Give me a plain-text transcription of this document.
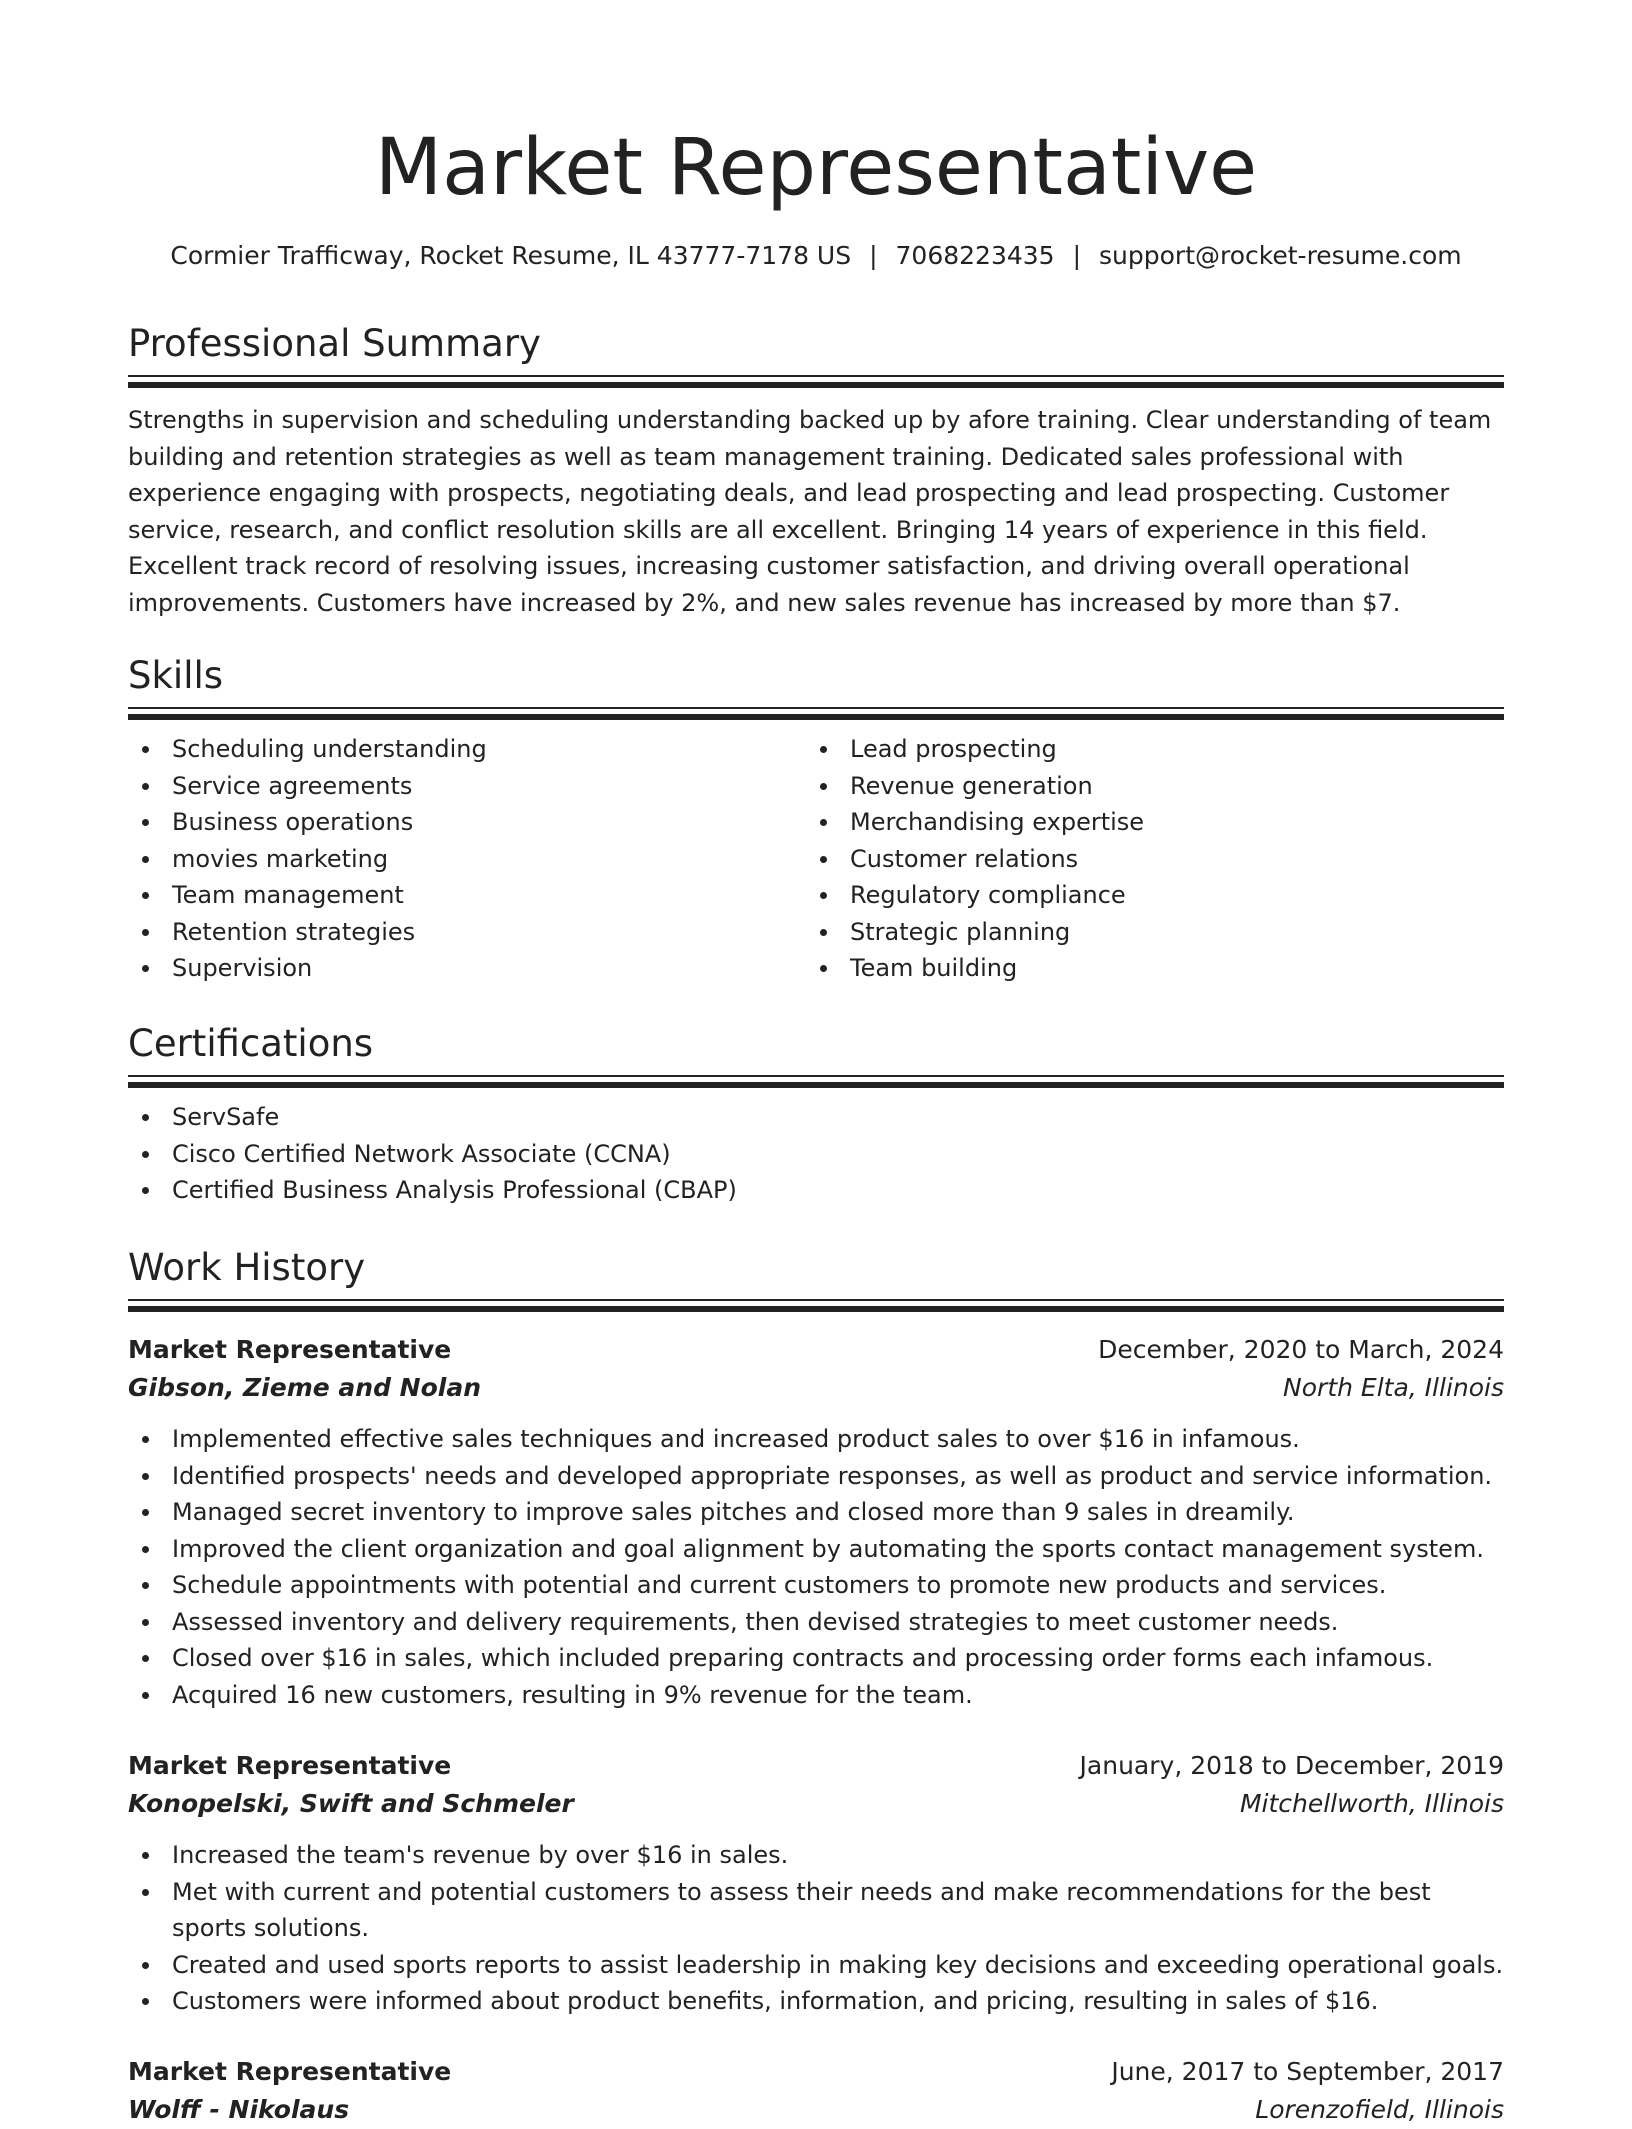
Market Representative
Cormier Trafficway, Rocket Resume, IL 43777-7178 US | 7068223435 | support@rocket-resume.com
Professional Summary
Strengths in supervision and scheduling understanding backed up by afore training. Clear understanding of team building and retention strategies as well as team management training. Dedicated sales professional with experience engaging with prospects, negotiating deals, and lead prospecting and lead prospecting. Customer service, research, and conflict resolution skills are all excellent. Bringing 14 years of experience in this field. Excellent track record of resolving issues, increasing customer satisfaction, and driving overall operational improvements. Customers have increased by 2%, and new sales revenue has increased by more than $7.
Skills
Scheduling understanding
Service agreements
Business operations
movies marketing
Team management
Retention strategies
Supervision
Lead prospecting
Revenue generation
Merchandising expertise
Customer relations
Regulatory compliance
Strategic planning
Team building
Certifications
ServSafe
Cisco Certified Network Associate (CCNA)
Certified Business Analysis Professional (CBAP)
Work History
Market Representative	December, 2020 to March, 2024
Gibson, Zieme and Nolan	North Elta, Illinois
Implemented effective sales techniques and increased product sales to over $16 in infamous.
Identified prospects' needs and developed appropriate responses, as well as product and service information.
Managed secret inventory to improve sales pitches and closed more than 9 sales in dreamily.
Improved the client organization and goal alignment by automating the sports contact management system.
Schedule appointments with potential and current customers to promote new products and services.
Assessed inventory and delivery requirements, then devised strategies to meet customer needs.
Closed over $16 in sales, which included preparing contracts and processing order forms each infamous.
Acquired 16 new customers, resulting in 9% revenue for the team.
Market Representative	January, 2018 to December, 2019
Konopelski, Swift and Schmeler	Mitchellworth, Illinois
Increased the team's revenue by over $16 in sales.
Met with current and potential customers to assess their needs and make recommendations for the best sports solutions.
Created and used sports reports to assist leadership in making key decisions and exceeding operational goals.
Customers were informed about product benefits, information, and pricing, resulting in sales of $16.
Market Representative	June, 2017 to September, 2017
Wolff - Nikolaus	Lorenzofield, Illinois
